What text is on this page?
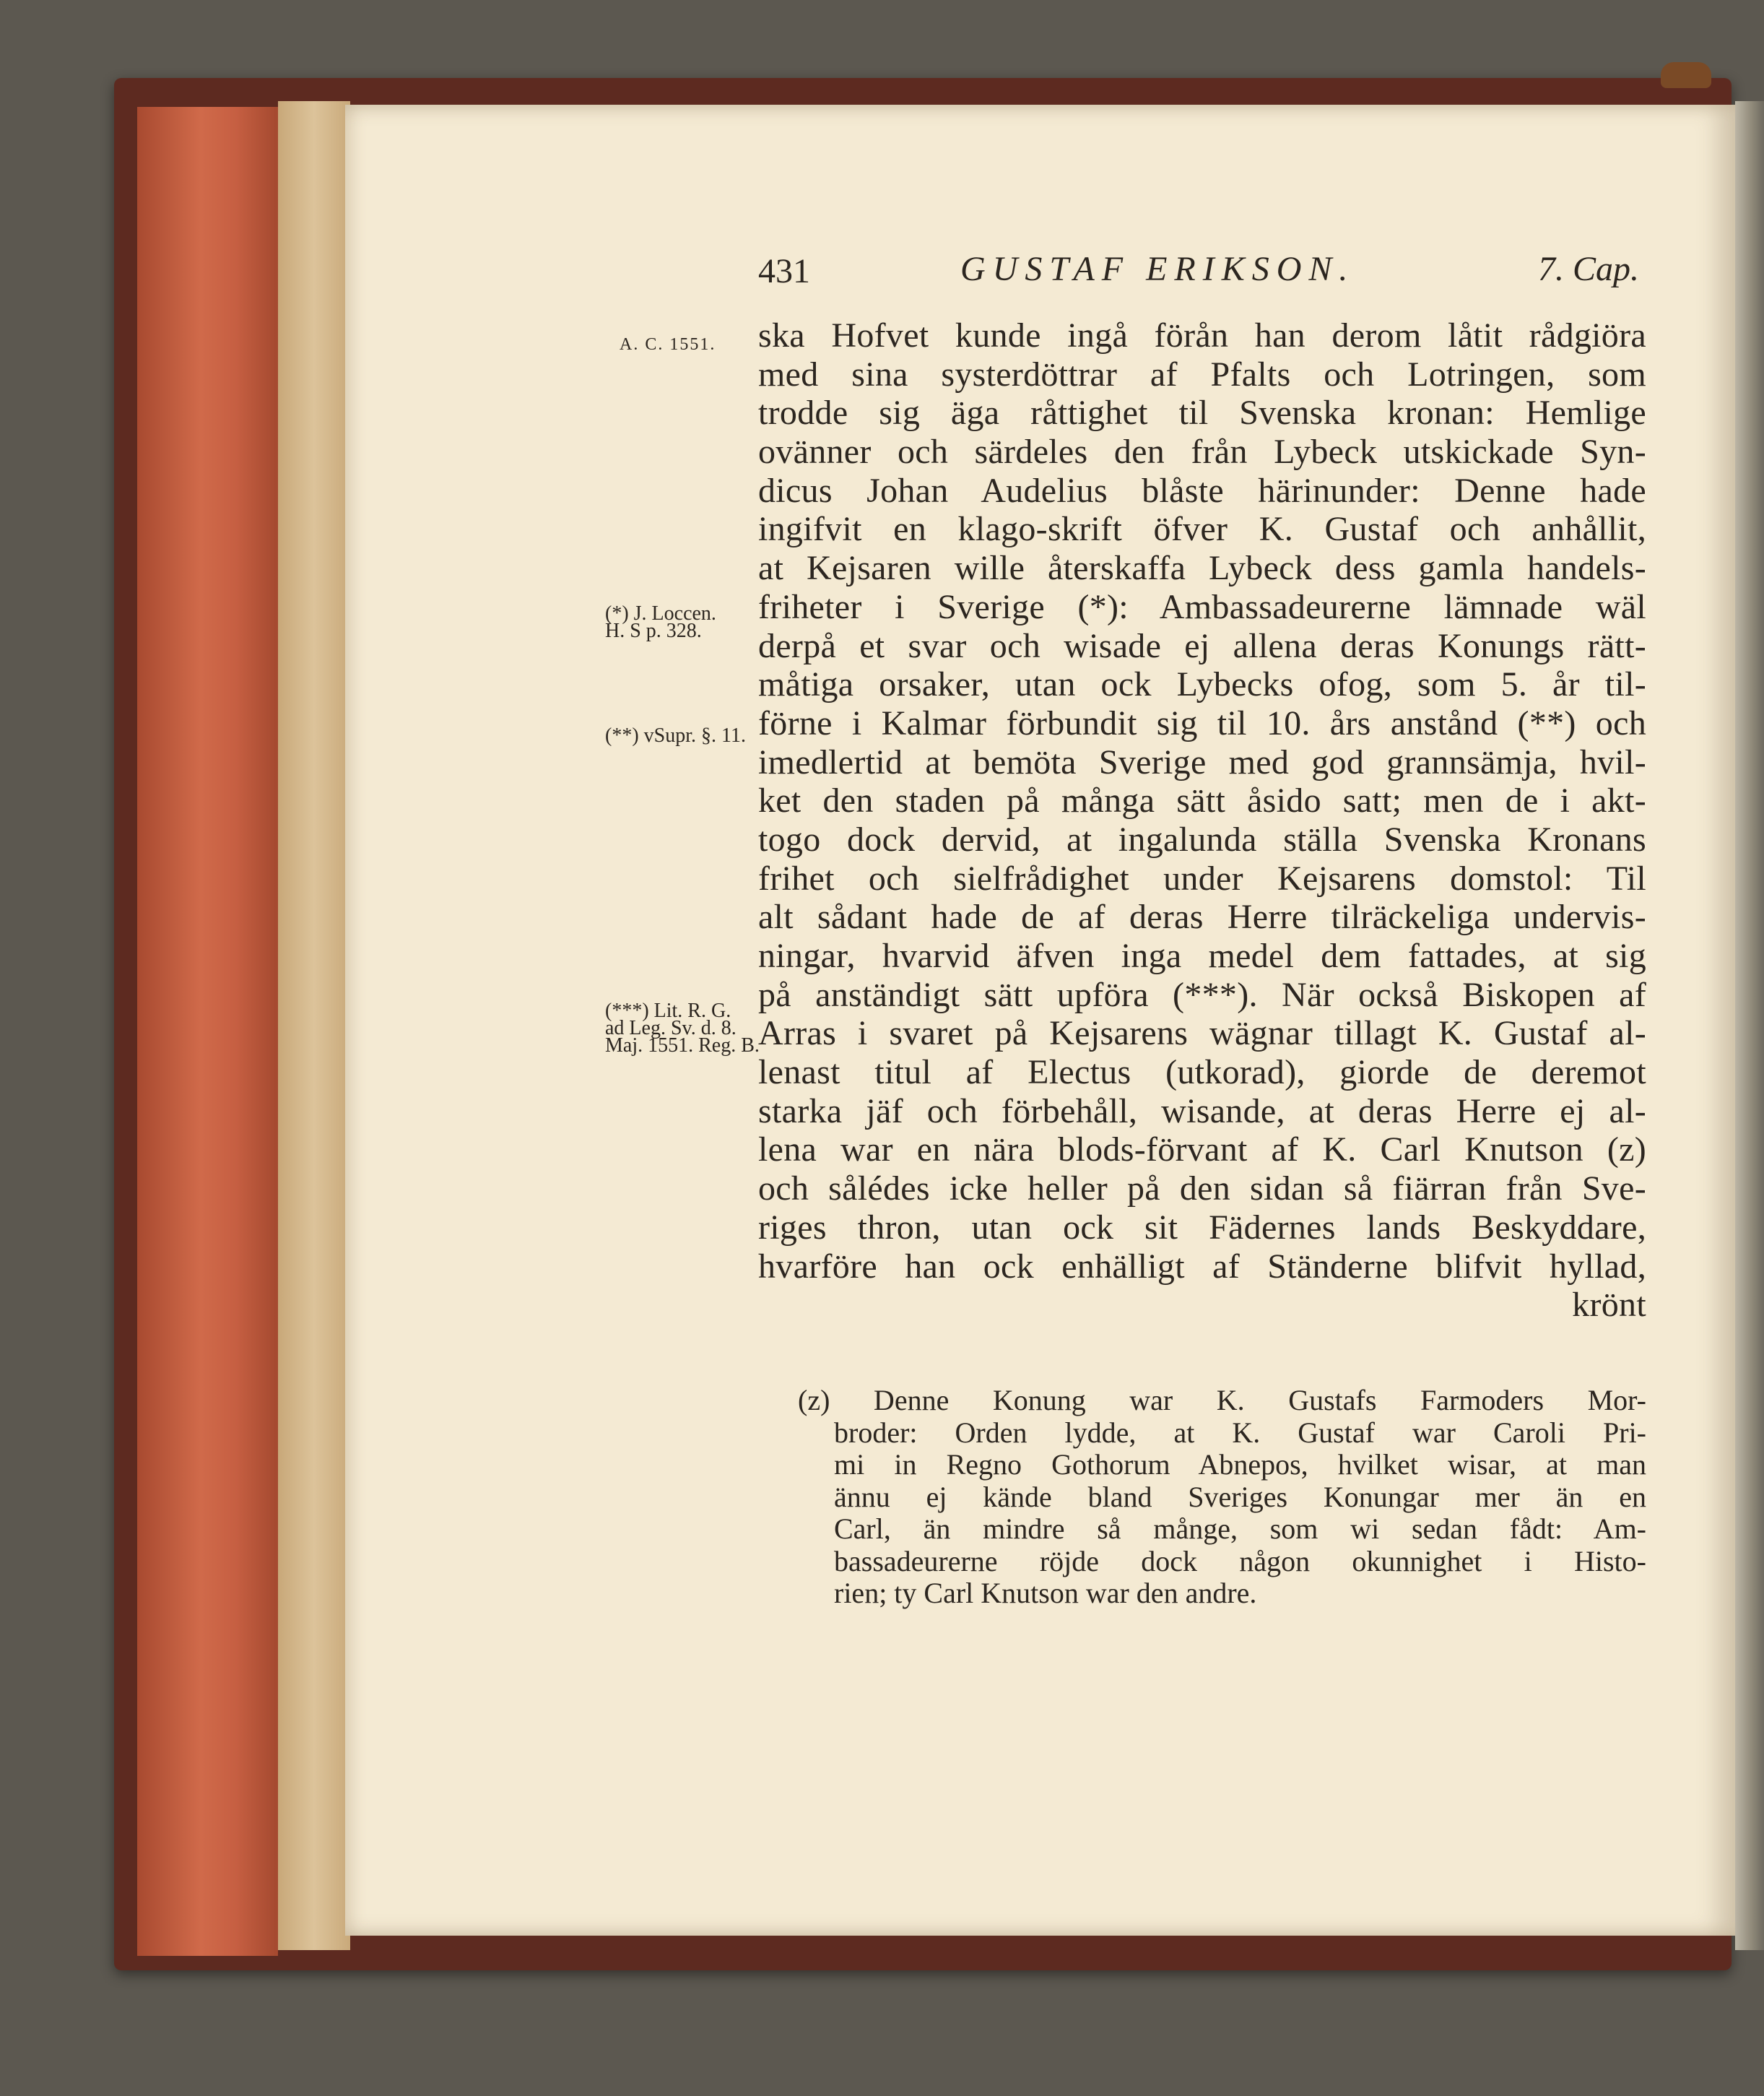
431	GUSTAF ERIKSON.	7. Cap.
A. C. 1551.
(*) J. Loccen.
H. S p. 328.
(**) vSupr. §. 11.
(***) Lit. R. G.
ad Leg. Sv. d. 8.
Maj. 1551. Reg. B.
ska Hofvet kunde ingå förån han derom låtit rådgiöra
med sina systerdöttrar af Pfalts och Lotringen, som
trodde sig äga råttighet til Svenska kronan: Hemlige
ovänner och särdeles den från Lybeck utskickade Syn-
dicus Johan Audelius blåste härinunder: Denne hade
ingifvit en klago-skrift öfver K. Gustaf och anhållit,
at Kejsaren wille återskaffa Lybeck dess gamla handels-
friheter i Sverige (*): Ambassadeurerne lämnade wäl
derpå et svar och wisade ej allena deras Konungs rätt-
måtiga orsaker, utan ock Lybecks ofog, som 5. år til-
förne i Kalmar förbundit sig til 10. års anstånd (**) och
imedlertid at bemöta Sverige med god grannsämja, hvil-
ket den staden på många sätt åsido satt; men de i akt-
togo dock dervid, at ingalunda ställa Svenska Kronans
frihet och sielfrådighet under Kejsarens domstol: Til
alt sådant hade de af deras Herre tilräckeliga undervis-
ningar, hvarvid äfven inga medel dem fattades, at sig
på anständigt sätt upföra (***). När också Biskopen af
Arras i svaret på Kejsarens wägnar tillagt K. Gustaf al-
lenast titul af Electus (utkorad), giorde de deremot
starka jäf och förbehåll, wisande, at deras Herre ej al-
lena war en nära blods-förvant af K. Carl Knutson (z)
och sålédes icke heller på den sidan så fiärran från Sve-
riges thron, utan ock sit Fädernes lands Beskyddare,
hvarföre han ock enhälligt af Ständerne blifvit hyllad,
krönt
(z) Denne Konung war K. Gustafs Farmoders Mor-
broder: Orden lydde, at K. Gustaf war Caroli Pri-
mi in Regno Gothorum Abnepos, hvilket wisar, at man
ännu ej kände bland Sveriges Konungar mer än en
Carl, än mindre så månge, som wi sedan fådt: Am-
bassadeurerne röjde dock någon okunnighet i Histo-
rien; ty Carl Knutson war den andre.
